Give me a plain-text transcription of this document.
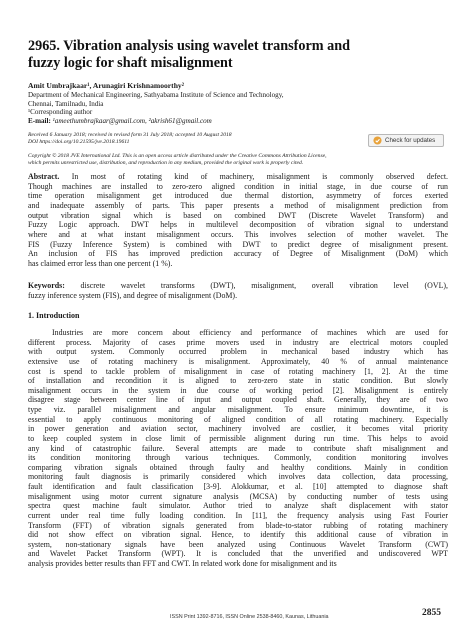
2965. Vibration analysis using wavelet transform and
fuzzy logic for shaft misalignment

Amit Umbrajkaar¹, Arunagiri Krishnamoorthy²

Department of Mechanical Engineering, Sathyabama Institute of Science and Technology,
Chennai, Tamilnadu, India
¹Corresponding author
E-mail: ¹ameethumbrajkaar@gmail.com, ²akrish61@gmail.com
Received 6 January 2018; received in revised form 31 July 2018; accepted 10 August 2018
DOI https://doi.org/10.21595/jve.2018.19611	Check for updates
Copyright © 2018 JVE International Ltd. This is an open access article distributed under the Creative Commons Attribution License,
which permits unrestricted use, distribution, and reproduction in any medium, provided the original work is properly cited.
Abstract. In most of rotating kind of machinery, misalignment is commonly observed defect.
Though machines are installed to zero-zero aligned condition in initial stage, in due course of run
time operation misalignment get introduced due thermal distortion, asymmetry of forces exerted
and inadequate assembly of parts. This paper presents a method of misalignment prediction from
output vibration signal which is based on combined DWT (Discrete Wavelet Transform) and
Fuzzy Logic approach. DWT helps in multilevel decomposition of vibration signal to understand
where and at what instant misalignment occurs. This involves selection of mother wavelet. The
FIS (Fuzzy Inference System) is combined with DWT to predict degree of misalignment present.
An inclusion of FIS has improved prediction accuracy of Degree of Misalignment (DoM) which
has claimed error less than one percent (1 %).
Keywords: discrete wavelet transforms (DWT), misalignment, overall vibration level (OVL),
fuzzy inference system (FIS), and degree of misalignment (DoM).
1. Introduction
Industries are more concern about efficiency and performance of machines which are used for
different process. Majority of cases prime movers used in industry are electrical motors coupled
with output system. Commonly occurred problem in mechanical based industry which has
extensive use of rotating machinery is misalignment. Approximately, 40 % of annual maintenance
cost is spend to tackle problem of misalignment in case of rotating machinery [1, 2]. At the time
of installation and recondition it is aligned to zero-zero state in static condition. But slowly
misalignment occurs in the system in due course of working period [2]. Misalignment is entirely
disagree stage between center line of input and output coupled shaft. Generally, they are of two
type viz. parallel misalignment and angular misalignment. To ensure minimum downtime, it is
essential to apply continuous monitoring of aligned condition of all rotating machinery. Especially
in power generation and aviation sector, machinery involved are costlier, it becomes vital priority
to keep coupled system in close limit of permissible alignment during run time. This helps to avoid
any kind of catastrophic failure. Several attempts are made to contribute shaft misalignment and
its condition monitoring through various techniques. Commonly, condition monitoring involves
comparing vibration signals obtained through faulty and healthy conditions. Mainly in condition
monitoring fault diagnosis is primarily considered which involves data collection, data processing,
fault identification and fault classification [3-9]. Alokkumar, et al. [10] attempted to diagnose shaft
misalignment using motor current signature analysis (MCSA) by conducting number of tests using
spectra quest machine fault simulator. Author tried to analyze shaft displacement with stator
current under real time fully loading condition. In [11], the frequency analysis using Fast Fourier
Transform (FFT) of vibration signals generated from blade-to-stator rubbing of rotating machinery
did not show effect on vibration signal. Hence, to identify this additional cause of vibration in
system, non-stationary signals have been analyzed using Continuous Wavelet Transform (CWT)
and Wavelet Packet Transform (WPT). It is concluded that the unverified and undiscovered WPT
analysis provides better results than FFT and CWT. In related work done for misalignment and its
ISSN Print 1392-8716, ISSN Online 2538-8460, Kaunas, Lithuania	2855
